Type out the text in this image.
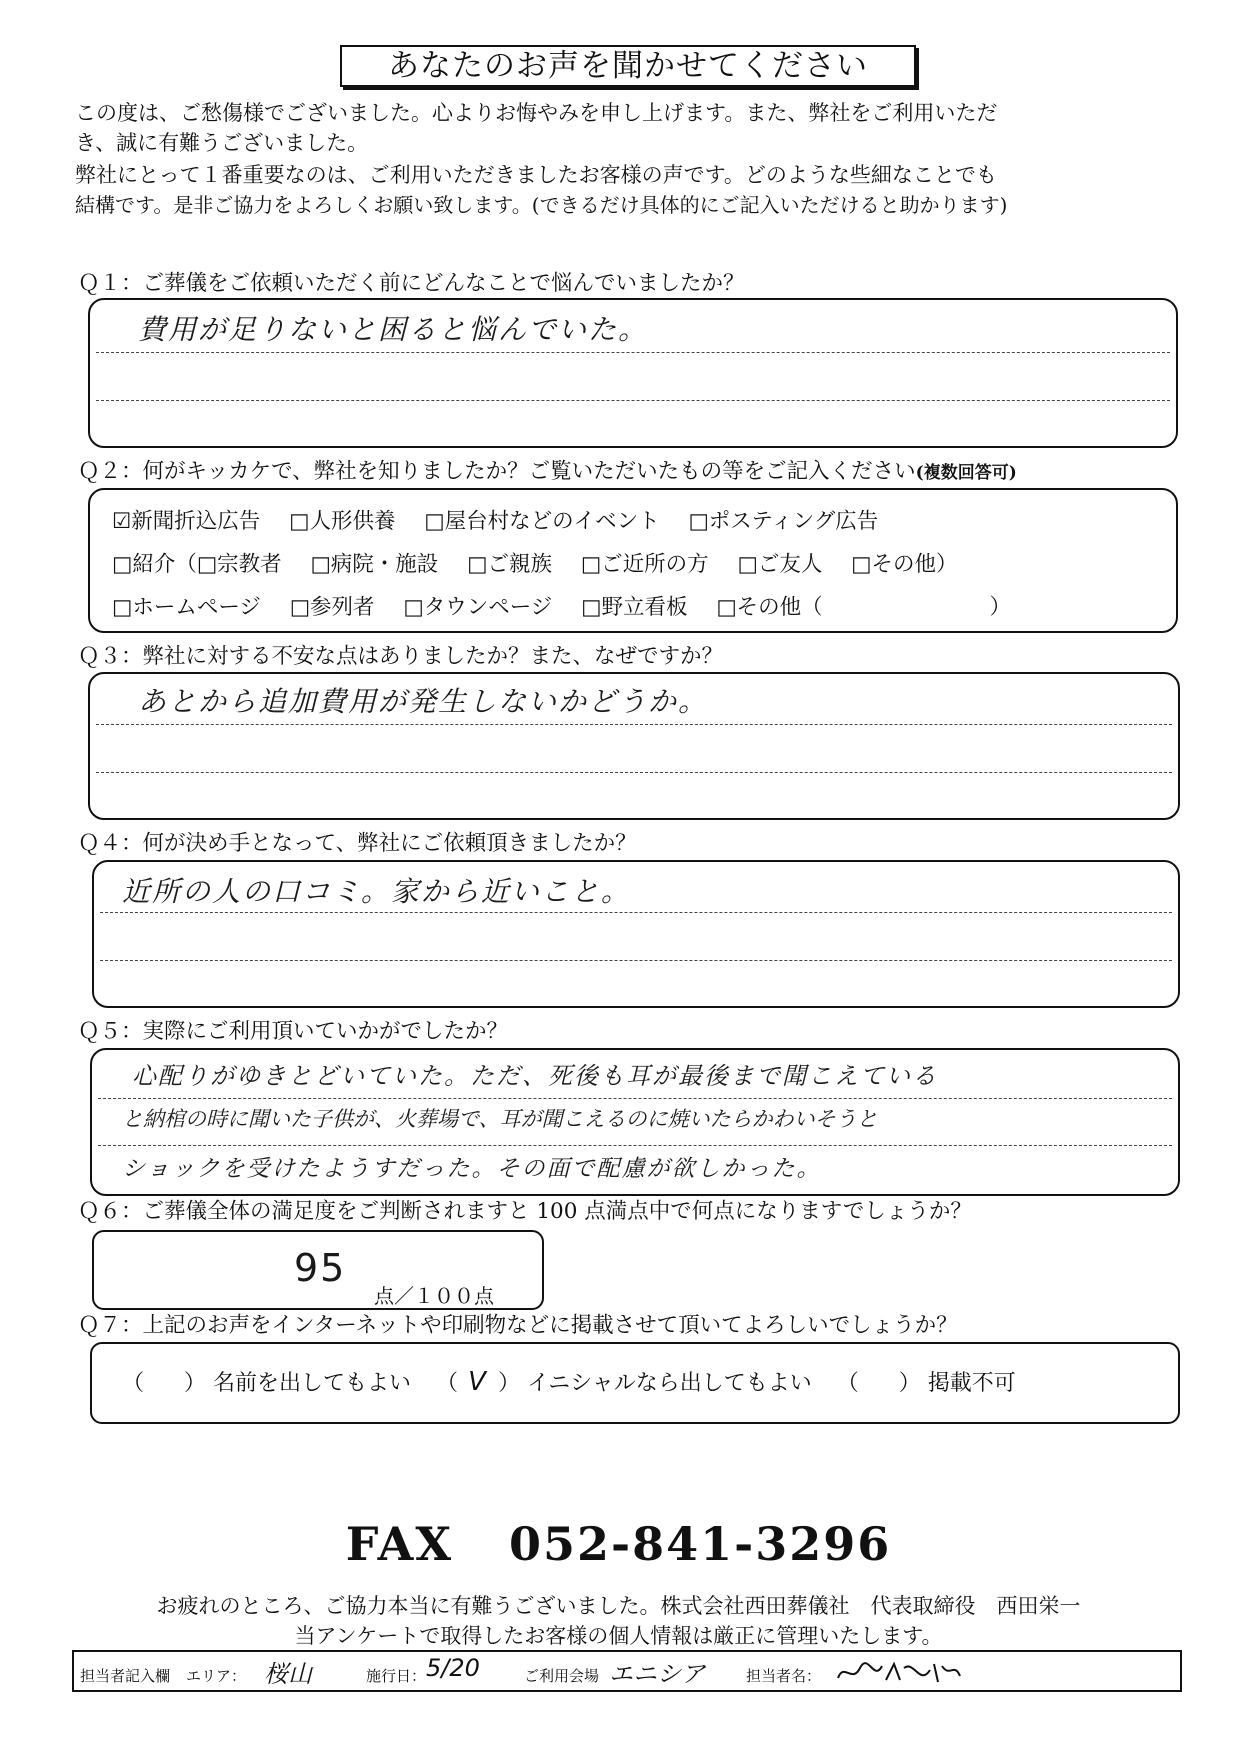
あなたのお声を聞かせてください
この度は、ご愁傷様でございました。心よりお悔やみを申し上げます。また、弊社をご利用いただ
き、誠に有難うございました。
弊社にとって１番重要なのは、ご利用いただきましたお客様の声です。どのような些細なことでも
結構です。是非ご協力をよろしくお願い致します。(できるだけ具体的にご記入いただけると助かります)
Ｑ１：ご葬儀をご依頼いただく前にどんなことで悩んでいましたか？
費用が足りないと困ると悩んでいた。
Ｑ２：何がキッカケで、弊社を知りましたか？ご覧いただいたもの等をご記入ください(複数回答可)
☑新聞折込広告 □人形供養 □屋台村などのイベント □ポスティング広告
□紹介（□宗教者 □病院・施設 □ご親族 □ご近所の方 □ご友人 □その他）
□ホームページ □参列者 □タウンページ □野立看板 □その他（	）
Ｑ３：弊社に対する不安な点はありましたか？また、なぜですか？
あとから追加費用が発生しないかどうか。
Ｑ４：何が決め手となって、弊社にご依頼頂きましたか？
近所の人の口コミ。家から近いこと。
Ｑ５：実際にご利用頂いていかがでしたか？
心配りがゆきとどいていた。ただ、死後も耳が最後まで聞こえている
と納棺の時に聞いた子供が、火葬場で、耳が聞こえるのに焼いたらかわいそうと
ショックを受けたようすだった。その面で配慮が欲しかった。
Ｑ６：ご葬儀全体の満足度をご判断されますと 100 点満点中で何点になりますでしょうか？
95
点／１００点
Ｑ７：上記のお声をインターネットや印刷物などに掲載させて頂いてよろしいでしょうか？
（ ） 名前を出してもよい （ V ） イニシャルなら出してもよい （ ） 掲載不可
FAX 052-841-3296
お疲れのところ、ご協力本当に有難うございました。株式会社西田葬儀社　代表取締役　西田栄一
当アンケートで取得したお客様の個人情報は厳正に管理いたします。
担当者記入欄 エリア： 桜山	施行日： 5/20	ご利用会場 エニシア	担当者名：
